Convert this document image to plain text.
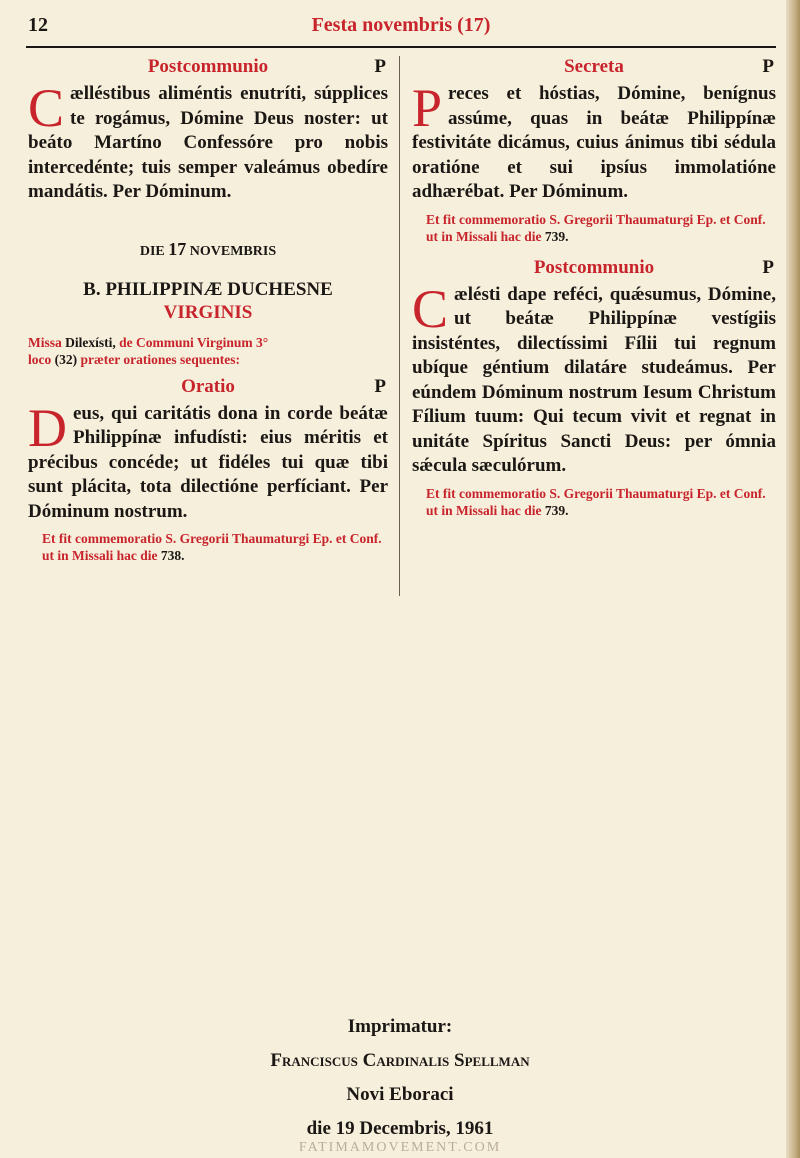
12	Festa novembris (17)
Postcommunio	P

Cælléstibus aliméntis enutríti, súpplices te rogámus, Dómine Deus noster: ut beáto Martíno Confessóre pro nobis intercedénte; tuis semper valeámus obedíre mandátis. Per Dóminum.

DIE 17 NOVEMBRIS
B. PHILIPPINÆ DUCHESNE
VIRGINIS
Missa Dilexísti, de Communi Virginum 3°
loco (32) præter orationes sequentes:
Oratio	P

Deus, qui caritátis dona in corde beátæ Philippínæ infudísti: eius méritis et précibus concéde; ut fidéles tui quæ tibi sunt plácita, tota dilectióne perfíciant. Per Dóminum nostrum.

Et fit commemoratio S. Gregorii Thaumaturgi Ep. et Conf. ut in Missali hac die 738.

Secreta	P

Preces et hóstias, Dómine, benígnus assúme, quas in beátæ Philippínæ festivitáte dicámus, cuius ánimus tibi sédula oratióne et sui ipsíus immolatióne adhærébat. Per Dóminum.

Et fit commemoratio S. Gregorii Thaumaturgi Ep. et Conf. ut in Missali hac die 739.

Postcommunio	P

Cælésti dape reféci, quǽsumus, Dómine, ut beátæ Philippínæ vestígiis insisténtes, dilectíssimi Fílii tui regnum ubíque géntium dilatáre studeámus. Per eúndem Dóminum nostrum Iesum Christum Fílium tuum: Qui tecum vivit et regnat in unitáte Spíritus Sancti Deus: per ómnia sǽcula sæculórum.

Et fit commemoratio S. Gregorii Thaumaturgi Ep. et Conf. ut in Missali hac die 739.

Imprimatur:
Franciscus Cardinalis Spellman
Novi Eboraci
die 19 Decembris, 1961
FATIMAMOVEMENT.COM
